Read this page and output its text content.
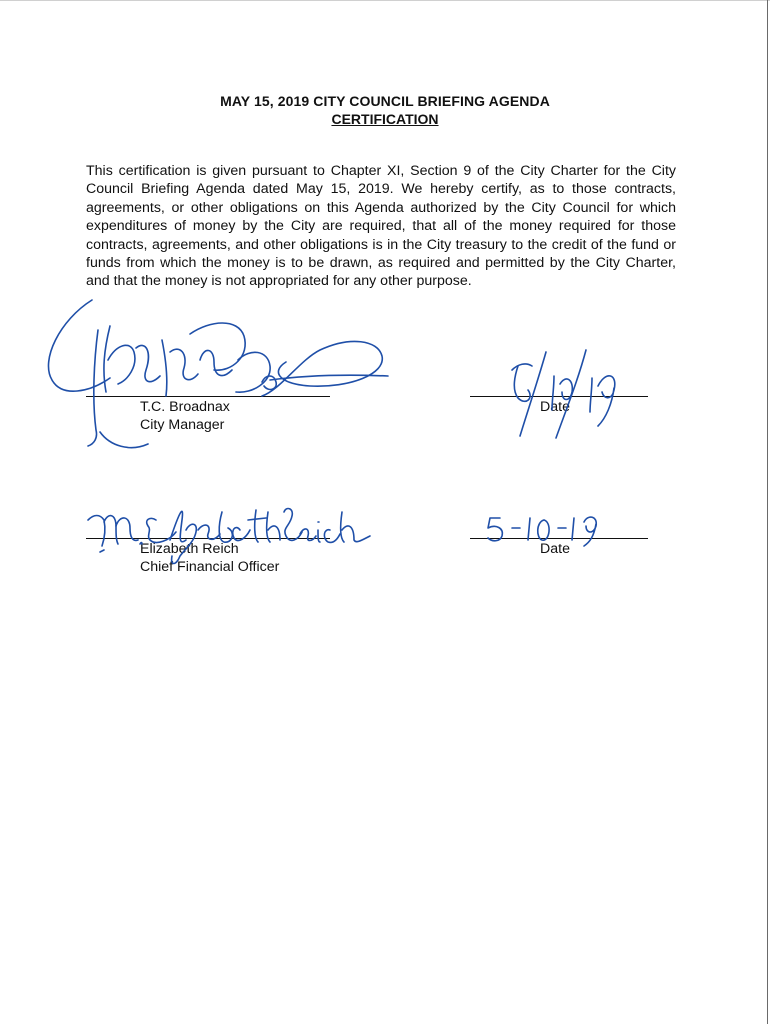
MAY 15, 2019 CITY COUNCIL BRIEFING AGENDA
CERTIFICATION
This certification is given pursuant to Chapter XI, Section 9 of the City Charter for the City Council Briefing Agenda dated May 15, 2019. We hereby certify, as to those contracts, agreements, or other obligations on this Agenda authorized by the City Council for which expenditures of money by the City are required, that all of the money required for those contracts, agreements, and other obligations is in the City treasury to the credit of the fund or funds from which the money is to be drawn, as required and permitted by the City Charter, and that the money is not appropriated for any other purpose.
T.C. Broadnax
City Manager
Date
Elizabeth Reich
Chief Financial Officer
Date
